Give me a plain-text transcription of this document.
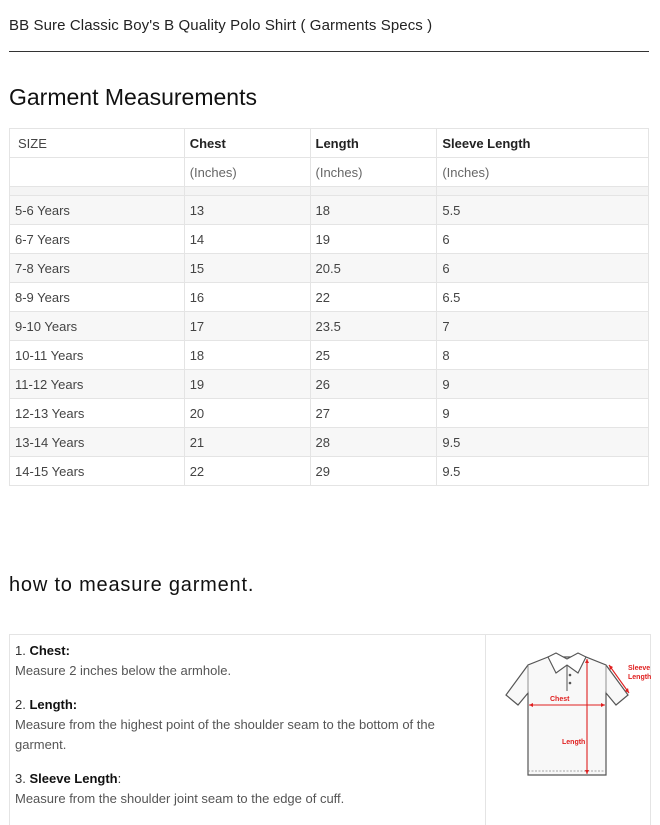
BB Sure Classic Boy's B Quality Polo Shirt ( Garments Specs )
Garment Measurements
SIZE	Chest	Length	Sleeve Length
	(Inches)	(Inches)	(Inches)

5-6 Years	13	18	5.5
6-7 Years	14	19	6
7-8 Years	15	20.5	6
8-9 Years	16	22	6.5
9-10 Years	17	23.5	7
10-11 Years	18	25	8
11-12 Years	19	26	9
12-13 Years	20	27	9
13-14 Years	21	28	9.5
14-15 Years	22	29	9.5
how to measure garment.
1. Chest:
Measure 2 inches below the armhole.
2. Length:
Measure from the highest point of the shoulder seam to the bottom of the garment.
3. Sleeve Length:
Measure from the shoulder joint seam to the edge of cuff.
Chest
Length
Sleeve
Length
